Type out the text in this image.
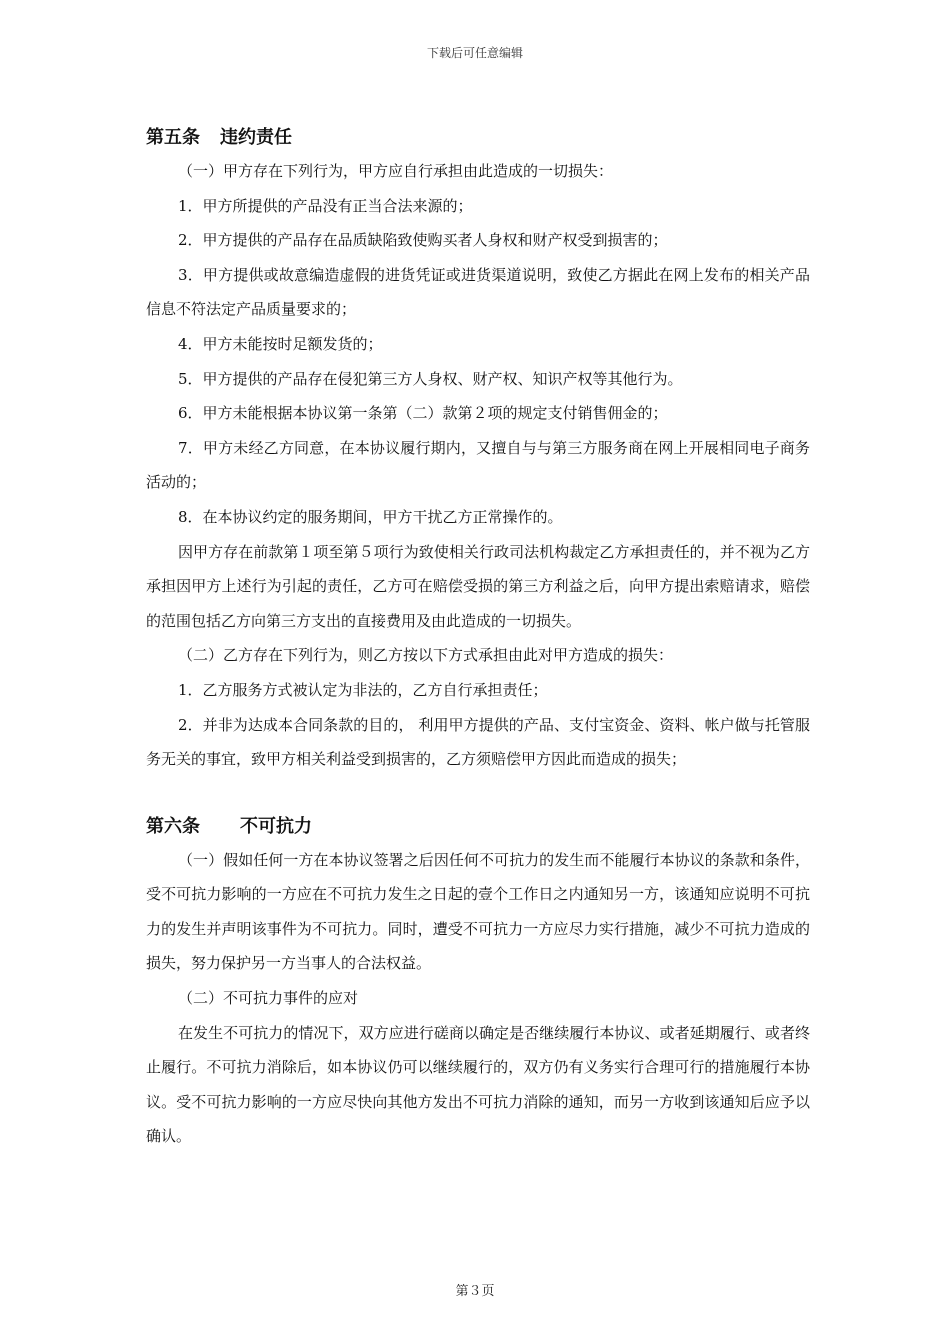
下载后可任意编辑
第五条 违约责任

（一）甲方存在下列行为，甲方应自行承担由此造成的一切损失：

1．甲方所提供的产品没有正当合法来源的；

2．甲方提供的产品存在品质缺陷致使购买者人身权和财产权受到损害的；

3．甲方提供或故意编造虚假的进货凭证或进货渠道说明，致使乙方据此在网上发布的相关产品信息不符法定产品质量要求的；

4．甲方未能按时足额发货的；

5．甲方提供的产品存在侵犯第三方人身权、财产权、知识产权等其他行为。

6．甲方未能根据本协议第一条第（二）款第２项的规定支付销售佣金的；

7．甲方未经乙方同意，在本协议履行期内，又擅自与与第三方服务商在网上开展相同电子商务活动的；

8．在本协议约定的服务期间，甲方干扰乙方正常操作的。

因甲方存在前款第１项至第５项行为致使相关行政司法机构裁定乙方承担责任的，并不视为乙方承担因甲方上述行为引起的责任，乙方可在赔偿受损的第三方利益之后，向甲方提出索赔请求，赔偿的范围包括乙方向第三方支出的直接费用及由此造成的一切损失。

（二）乙方存在下列行为，则乙方按以下方式承担由此对甲方造成的损失：

1．乙方服务方式被认定为非法的，乙方自行承担责任；

2．并非为达成本合同条款的目的， 利用甲方提供的产品、支付宝资金、资料、帐户做与托管服务无关的事宜，致甲方相关利益受到损害的，乙方须赔偿甲方因此而造成的损失；

第六条 不可抗力

（一）假如任何一方在本协议签署之后因任何不可抗力的发生而不能履行本协议的条款和条件，受不可抗力影响的一方应在不可抗力发生之日起的壹个工作日之内通知另一方，该通知应说明不可抗力的发生并声明该事件为不可抗力。同时，遭受不可抗力一方应尽力实行措施，减少不可抗力造成的损失，努力保护另一方当事人的合法权益。

（二）不可抗力事件的应对

在发生不可抗力的情况下，双方应进行磋商以确定是否继续履行本协议、或者延期履行、或者终止履行。不可抗力消除后，如本协议仍可以继续履行的，双方仍有义务实行合理可行的措施履行本协议。受不可抗力影响的一方应尽快向其他方发出不可抗力消除的通知，而另一方收到该通知后应予以确认。

第３页
